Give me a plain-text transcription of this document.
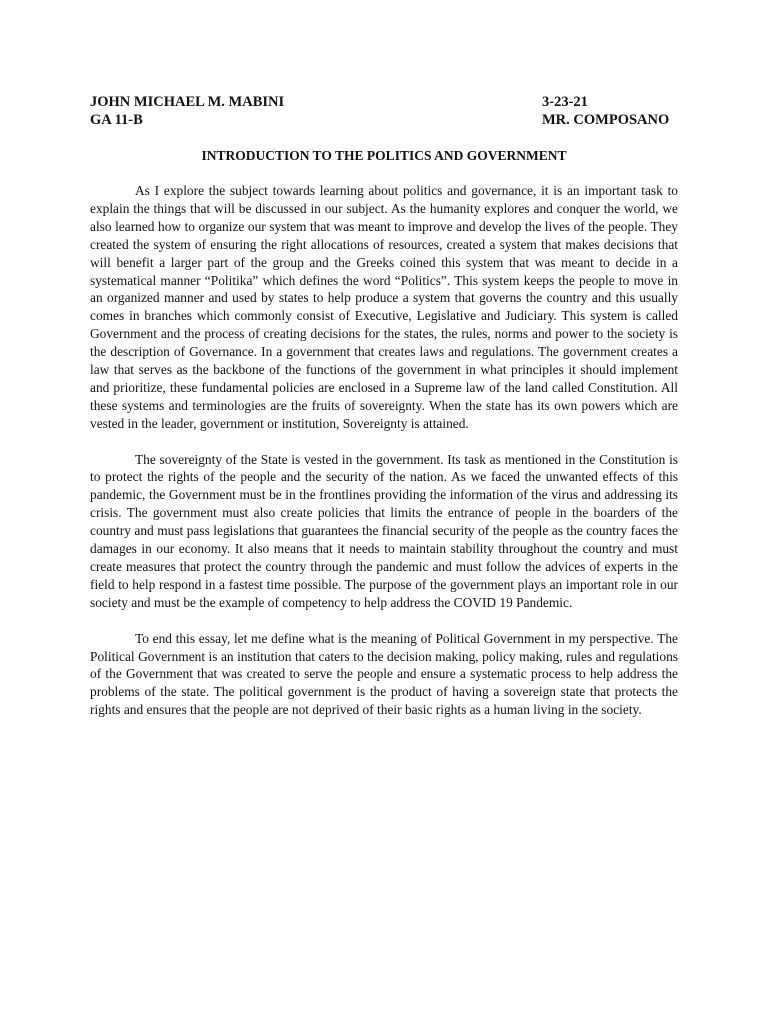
JOHN MICHAEL M. MABINI	3-23-21
GA 11-B	MR. COMPOSANO
INTRODUCTION TO THE POLITICS AND GOVERNMENT

As I explore the subject towards learning about politics and governance, it is an important task to explain the things that will be discussed in our subject. As the humanity explores and conquer the world, we also learned how to organize our system that was meant to improve and develop the lives of the people. They created the system of ensuring the right allocations of resources, created a system that makes decisions that will benefit a larger part of the group and the Greeks coined this system that was meant to decide in a systematical manner “Politika” which defines the word “Politics”. This system keeps the people to move in an organized manner and used by states to help produce a system that governs the country and this usually comes in branches which commonly consist of Executive, Legislative and Judiciary. This system is called Government and the process of creating decisions for the states, the rules, norms and power to the society is the description of Governance. In a government that creates laws and regulations. The government creates a law that serves as the backbone of the functions of the government in what principles it should implement and prioritize, these fundamental policies are enclosed in a Supreme law of the land called Constitution. All these systems and terminologies are the fruits of sovereignty. When the state has its own powers which are vested in the leader, government or institution, Sovereignty is attained.

The sovereignty of the State is vested in the government. Its task as mentioned in the Constitution is to protect the rights of the people and the security of the nation. As we faced the unwanted effects of this pandemic, the Government must be in the frontlines providing the information of the virus and addressing its crisis. The government must also create policies that limits the entrance of people in the boarders of the country and must pass legislations that guarantees the financial security of the people as the country faces the damages in our economy. It also means that it needs to maintain stability throughout the country and must create measures that protect the country through the pandemic and must follow the advices of experts in the field to help respond in a fastest time possible. The purpose of the government plays an important role in our society and must be the example of competency to help address the COVID 19 Pandemic.

To end this essay, let me define what is the meaning of Political Government in my perspective. The Political Government is an institution that caters to the decision making, policy making, rules and regulations of the Government that was created to serve the people and ensure a systematic process to help address the problems of the state. The political government is the product of having a sovereign state that protects the rights and ensures that the people are not deprived of their basic rights as a human living in the society.
